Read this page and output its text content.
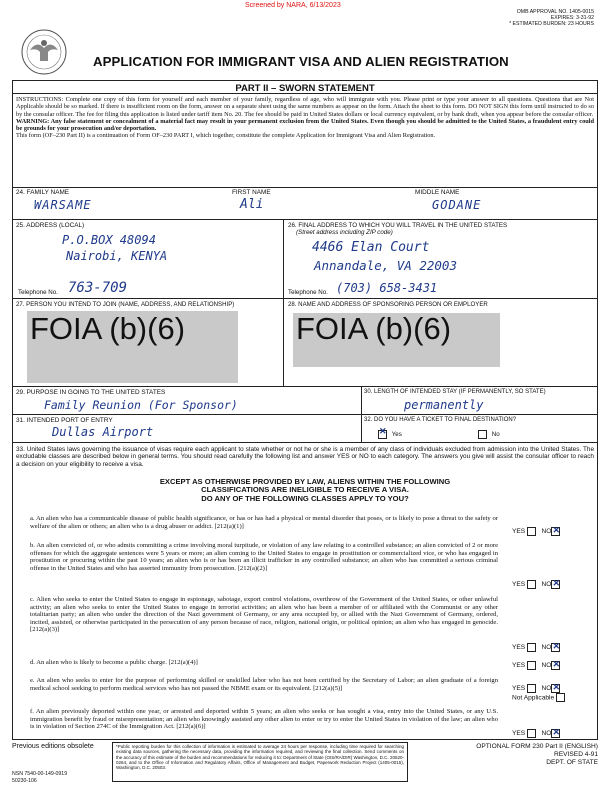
Screened by NARA, 6/13/2023
OMB APPROVAL NO. 1405-0015
EXPIRES: 3-31-92
* ESTIMATED BURDEN: 23 HOURS
APPLICATION FOR IMMIGRANT VISA AND ALIEN REGISTRATION
PART II – SWORN STATEMENT
INSTRUCTIONS: Complete one copy of this form for yourself and each member of your family, regardless of age, who will immigrate with you. Please print or type your answer to all questions. Questions that are Not Applicable should be so marked. If there is insufficient room on the form, answer on a separate sheet using the same numbers as appear on the form. Attach the sheet to this form. DO NOT SIGN this form until instructed to do so by the consular officer. The fee for filing this application is listed under tariff item No. 20. The fee should be paid in United States dollars or local currency equivalent, or by bank draft, when you appear before the consular officer.
WARNING: Any false statement or concealment of a material fact may result in your permanent exclusion from the United States. Even though you should be admitted to the United States, a fraudulent entry could be grounds for your prosecution and/or deportation.
This form (OF–230 Part II) is a continuation of Form OF–230 PART I, which together, constitute the complete Application for Immigrant Visa and Alien Registration.
24. FAMILY NAME	FIRST NAME	MIDDLE NAME
WARSAME	Ali	GODANE
25. ADDRESS (LOCAL)
P.O.BOX 48094
Nairobi, KENYA
Telephone No. 763-709
26. FINAL ADDRESS TO WHICH YOU WILL TRAVEL IN THE UNITED STATES
(Street address including ZIP code)
4466 Elan Court
Annandale, VA 22003
Telephone No. (703) 658-3431
27. PERSON YOU INTEND TO JOIN (NAME, ADDRESS, AND RELATIONSHIP)	28. NAME AND ADDRESS OF SPONSORING PERSON OR EMPLOYER
FOIA (b)(6)	FOIA (b)(6)
29. PURPOSE IN GOING TO THE UNITED STATES
Family Reunion (For Sponsor)
30. LENGTH OF INTENDED STAY (IF PERMANENTLY, SO STATE)
permanently
31. INTENDED PORT OF ENTRY
Dullas Airport
32. DO YOU HAVE A TICKET TO FINAL DESTINATION?
✕ Yes	No
33. United States laws governing the issuance of visas require each applicant to state whether or not he or she is a member of any class of individuals excluded from admission into the United States. The excludable classes are described below in general terms. You should read carefully the following list and answer YES or NO to each category. The answers you give will assist the consular officer to reach a decision on your eligibility to receive a visa.
EXCEPT AS OTHERWISE PROVIDED BY LAW, ALIENS WITHIN THE FOLLOWING
CLASSIFICATIONS ARE INELIGIBLE TO RECEIVE A VISA.
DO ANY OF THE FOLLOWING CLASSES APPLY TO YOU?
a. An alien who has a communicable disease of public health significance, or has or has had a physical or mental disorder that poses, or is likely to pose a threat to the safety or welfare of the alien or others; an alien who is a drug abuser or addict. [212(a)(1)]
YES NO✕
b. An alien convicted of, or who admits committing a crime involving moral turpitude, or violation of any law relating to a controlled substance; an alien convicted of 2 or more offenses for which the aggregate sentences were 5 years or more; an alien coming to the United States to engage in prostitution or commercialized vice, or who has engaged in prostitution or procuring within the past 10 years; an alien who is or has been an illicit trafficker in any controlled substance; an alien who has committed a serious criminal offense in the United States and who has asserted immunity from prosecution. [212(a)(2)]
YES NO✕
c. Alien who seeks to enter the United States to engage in espionage, sabotage, export control violations, overthrow of the Government of the United States, or other unlawful activity; an alien who seeks to enter the United States to engage in terrorist activities; an alien who has been a member of or affiliated with the Communist or any other totalitarian party; an alien who under the direction of the Nazi government of Germany, or any area occupied by, or allied with the Nazi Government of Germany, ordered, incited, assisted, or otherwise participated in the persecution of any person because of race, religion, national origin, or political opinion; an alien who has engaged in genocide. [212(a)(3)]
YES NO✕
d. An alien who is likely to become a public charge. [212(a)(4)]	YES NO✕
e. An alien who seeks to enter for the purpose of performing skilled or unskilled labor who has not been certified by the Secretary of Labor; an alien graduate of a foreign medical school seeking to perform medical services who has not passed the NBME exam or its equivalent. [212(a)(5)]	YES NO✕
Not Applicable
f. An alien previously deported within one year, or arrested and deported within 5 years; an alien who seeks or has sought a visa, entry into the United States, or any U.S. immigration benefit by fraud or misrepresentation; an alien who knowingly assisted any other alien to enter or try to enter the United States in violation of the law; an alien who is in violation of Section 274C of the Immigration Act. [212(a)(6)]
YES NO✕
Previous editions obsolete	*Public reporting burden for this collection of information is estimated to average 24 hours per response, including time required for searching existing data sources, gathering the necessary data, providing the information required, and reviewing the final collection. Send comments on the accuracy of this estimate of the burden and recommendations for reducing it to: Department of State (OIS/RA/DIR) Washington, D.C. 20520-0264, and to the Office of Information and Regulatory Affairs, Office of Management and Budget, Paperwork Reduction Project (1405-0015), Washington, D.C. 20503.
NSN 7540-00-149-0919
50230-106
OPTIONAL FORM 230 Part II (ENGLISH)
REVISED 4-91
DEPT. OF STATE
